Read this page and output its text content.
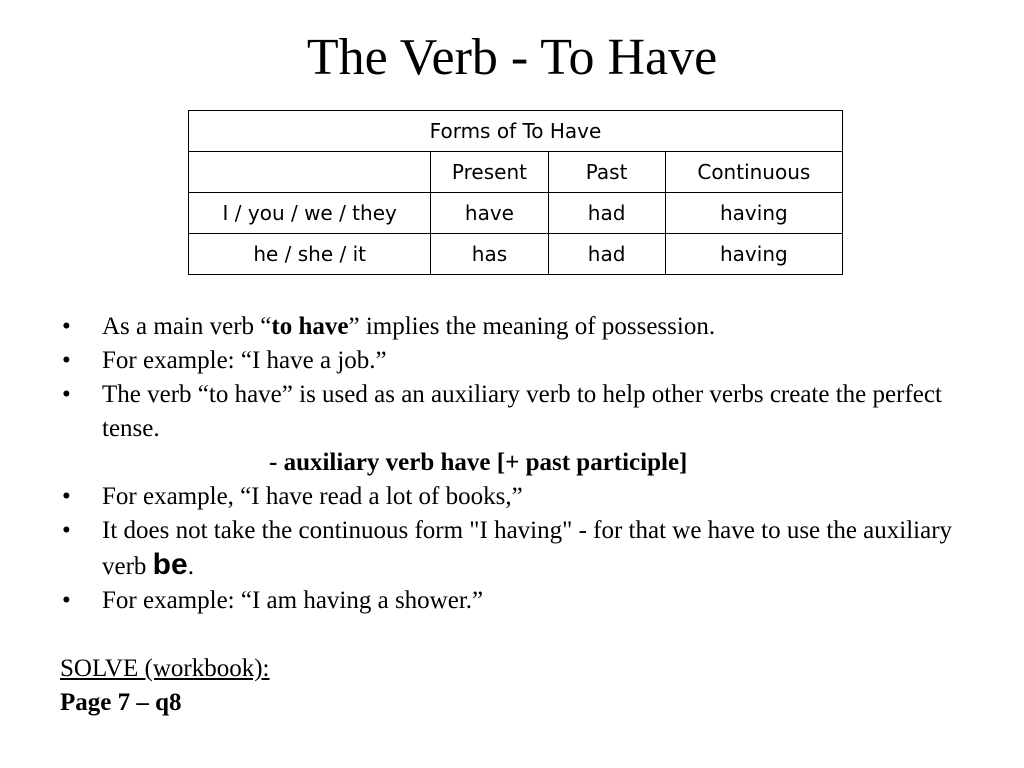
The Verb - To Have
Forms of To Have			
	Present	Past	Continuous
I / you / we / they	have	had	having
he / she / it	has	had	having
• As a main verb “to have” implies the meaning of possession.
• For example: “I have a job.”
• The verb “to have” is used as an auxiliary verb to help other verbs create the perfect tense.
- auxiliary verb have [+ past participle]
• For example, “I have read a lot of books,”
• It does not take the continuous form "I having" - for that we have to use the auxiliary verb be.
• For example: “I am having a shower.”
SOLVE (workbook):
Page 7 – q8
